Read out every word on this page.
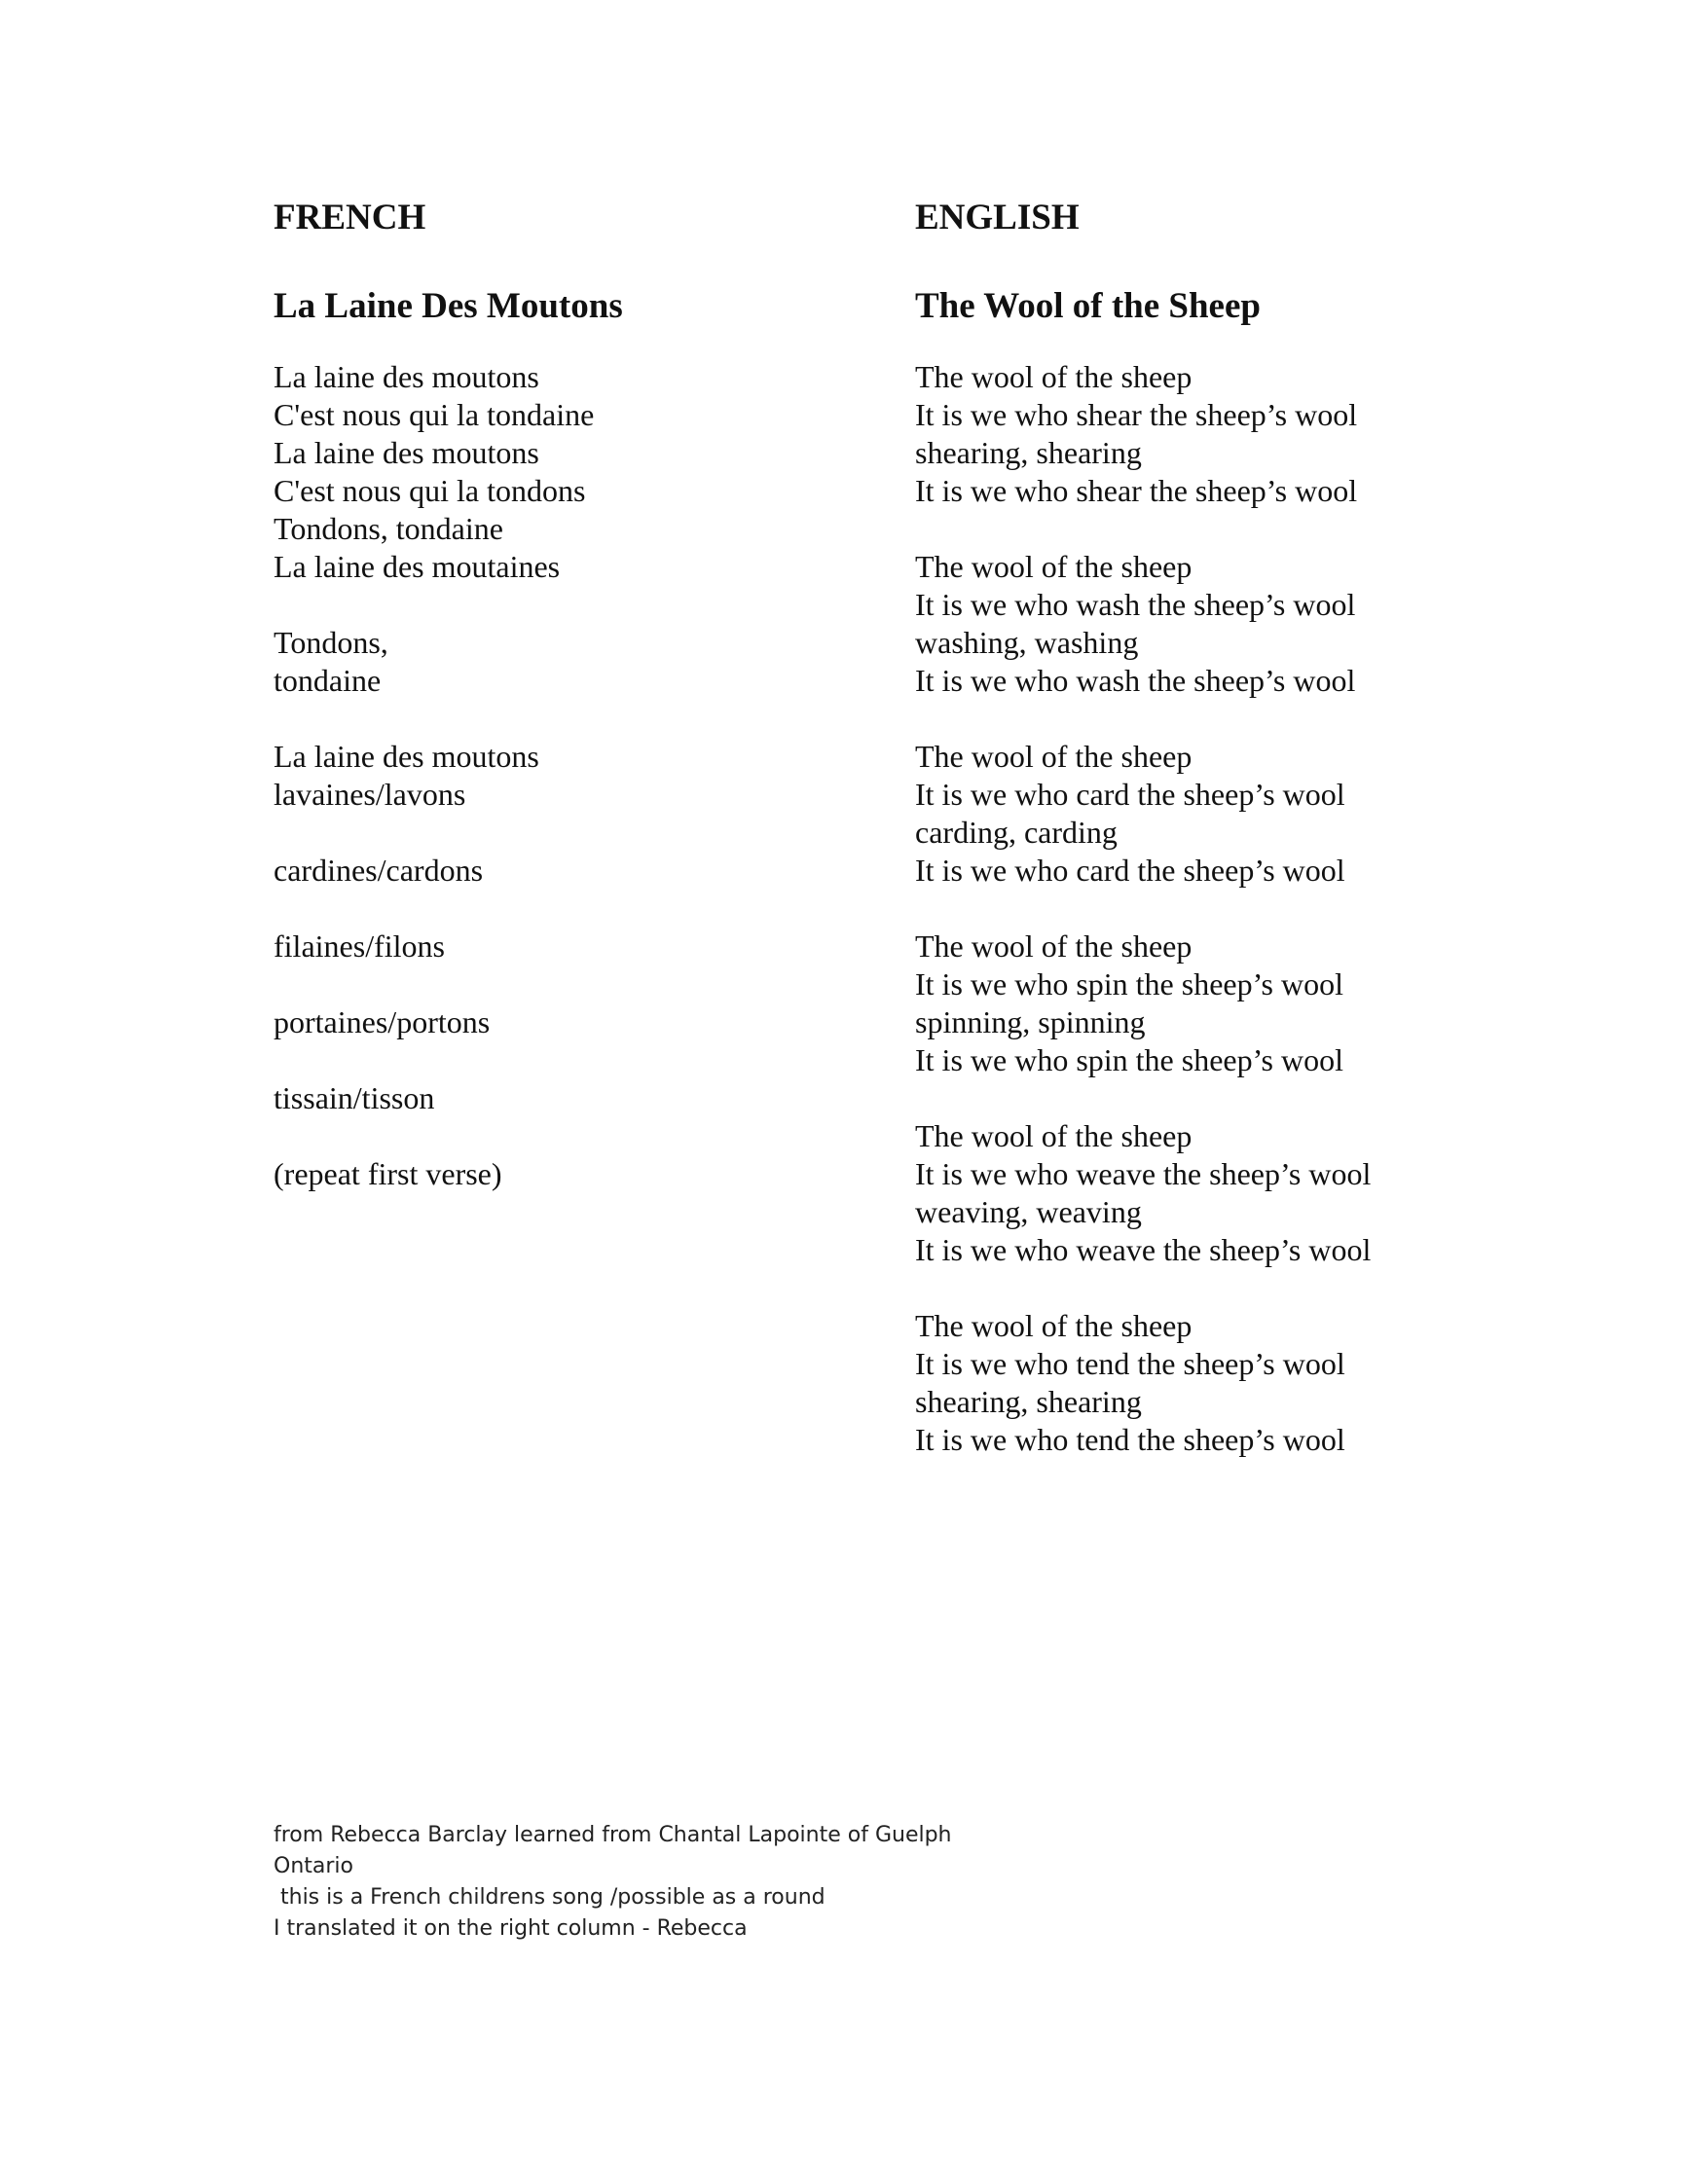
FRENCH
La Laine Des Moutons
La laine des moutons
C'est nous qui la tondaine
La laine des moutons
C'est nous qui la tondons
Tondons, tondaine
La laine des moutaines
Tondons,
tondaine
La laine des moutons
lavaines/lavons
cardines/cardons
filaines/filons
portaines/portons
tissain/tisson
(repeat first verse)
ENGLISH
The Wool of the Sheep
The wool of the sheep
It is we who shear the sheep’s wool
shearing, shearing
It is we who shear the sheep’s wool
The wool of the sheep
It is we who wash the sheep’s wool
washing, washing
It is we who wash the sheep’s wool
The wool of the sheep
It is we who card the sheep’s wool
carding, carding
It is we who card the sheep’s wool
The wool of the sheep
It is we who spin the sheep’s wool
spinning, spinning
It is we who spin the sheep’s wool
The wool of the sheep
It is we who weave the sheep’s wool
weaving, weaving
It is we who weave the sheep’s wool
The wool of the sheep
It is we who tend the sheep’s wool
shearing, shearing
It is we who tend the sheep’s wool
from Rebecca Barclay learned from Chantal Lapointe of Guelph
Ontario
this is a French childrens song /possible as a round
I translated it on the right column - Rebecca
